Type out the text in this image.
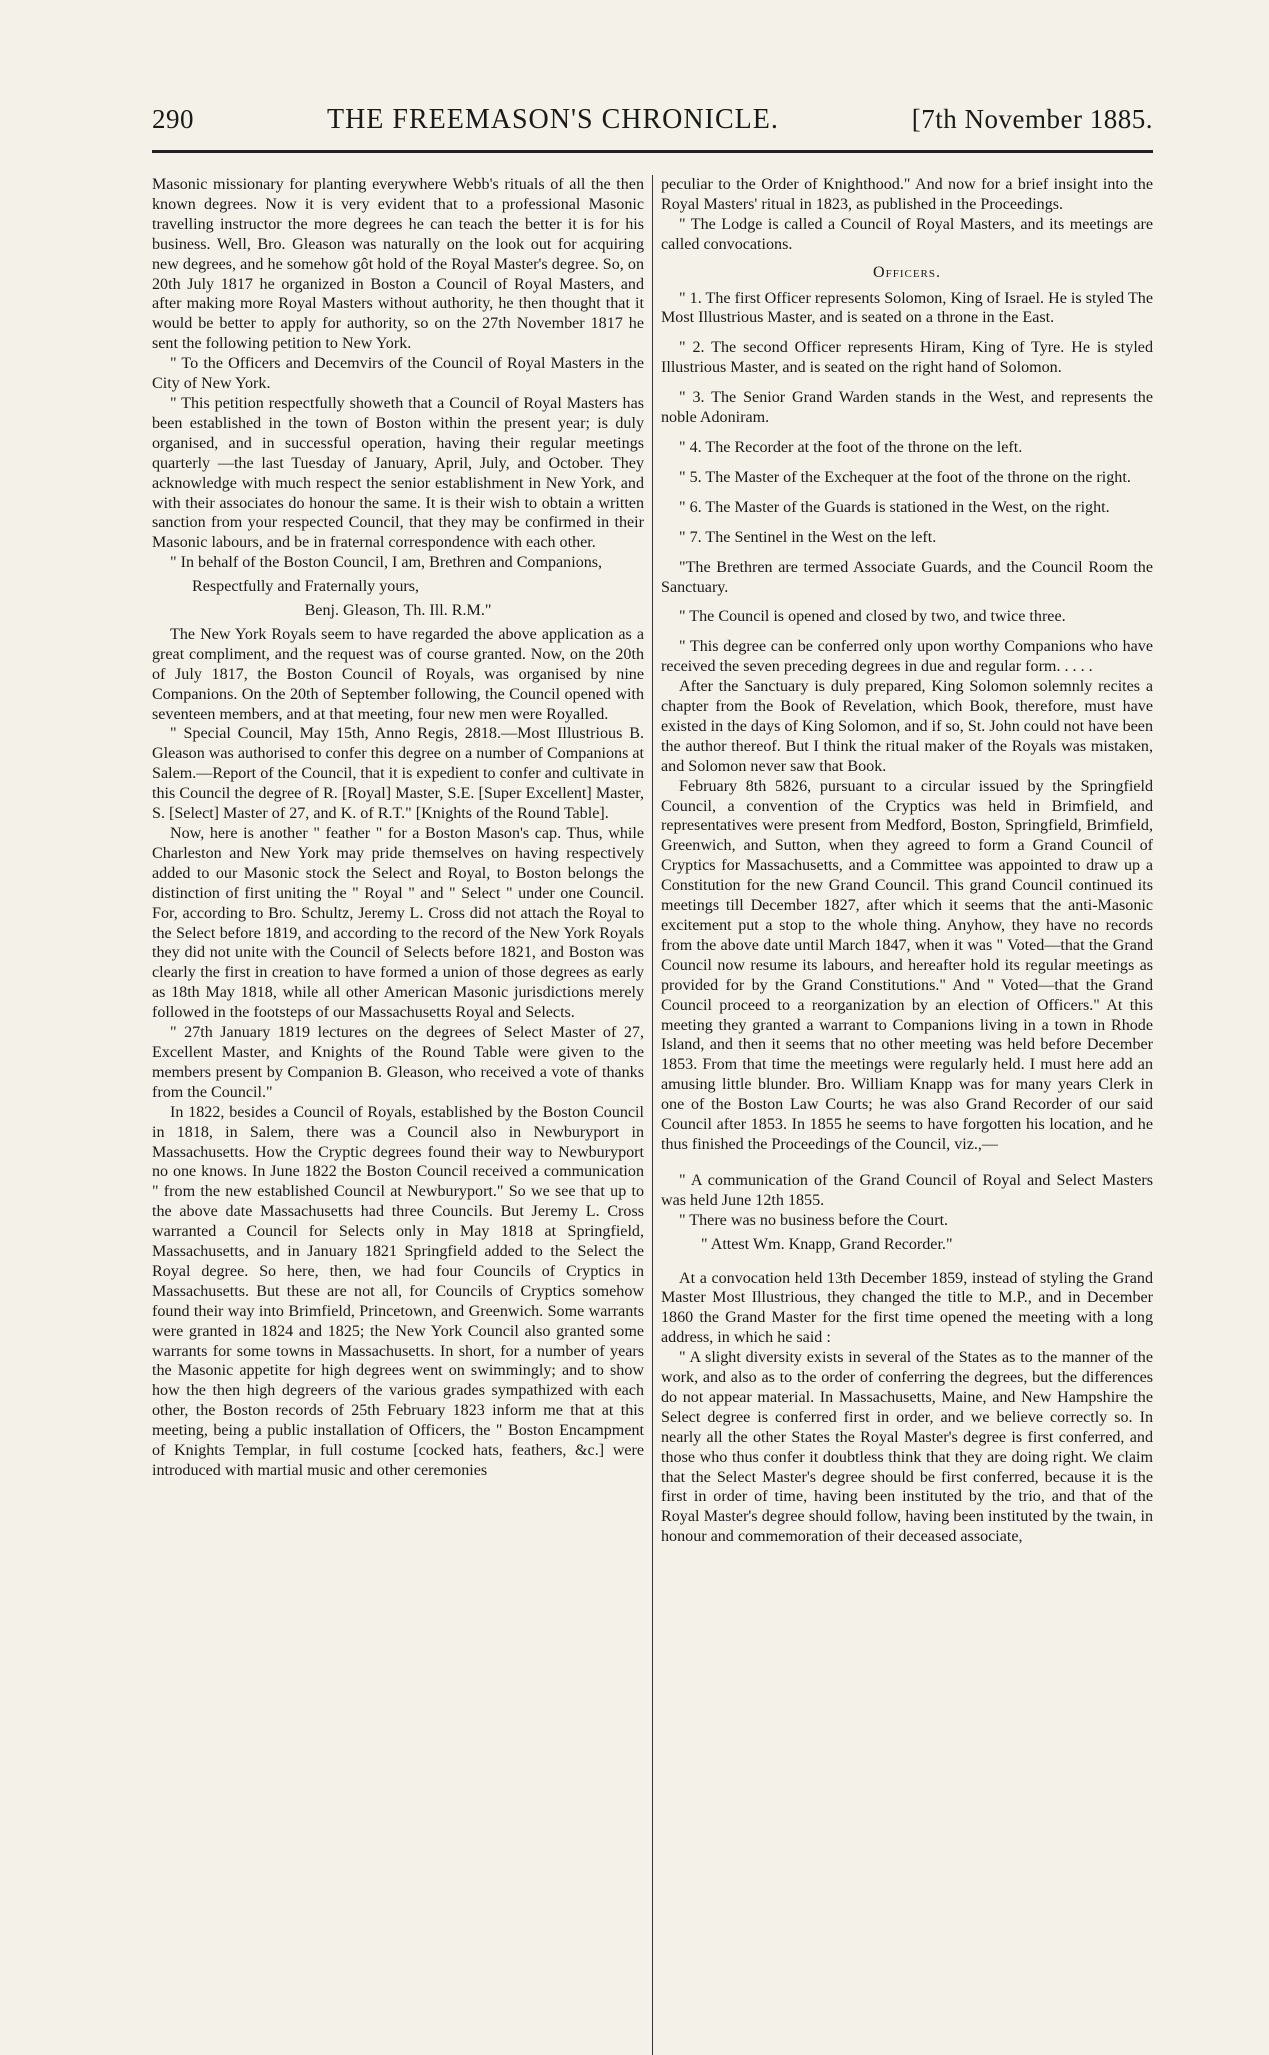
290	THE FREEMASON'S CHRONICLE.	[7th November 1885.

Masonic missionary for planting everywhere Webb's rituals of all the then known degrees. Now it is very evident that to a professional Masonic travelling instructor the more degrees he can teach the better it is for his business. Well, Bro. Gleason was naturally on the look out for acquiring new degrees, and he somehow gôt hold of the Royal Master's degree. So, on 20th July 1817 he organized in Boston a Council of Royal Masters, and after making more Royal Masters without authority, he then thought that it would be better to apply for authority, so on the 27th November 1817 he sent the following petition to New York.

" To the Officers and Decemvirs of the Council of Royal Masters in the City of New York.

" This petition respectfully showeth that a Council of Royal Masters has been established in the town of Boston within the present year; is duly organised, and in successful operation, having their regular meetings quarterly —the last Tuesday of January, April, July, and October. They acknowledge with much respect the senior establishment in New York, and with their associates do honour the same. It is their wish to obtain a written sanction from your respected Council, that they may be confirmed in their Masonic labours, and be in fraternal correspondence with each other.

" In behalf of the Boston Council, I am, Brethren and Companions,

Respectfully and Fraternally yours,

Benj. Gleason, Th. Ill. R.M."

The New York Royals seem to have regarded the above application as a great compliment, and the request was of course granted. Now, on the 20th of July 1817, the Boston Council of Royals, was organised by nine Companions. On the 20th of September following, the Council opened with seventeen members, and at that meeting, four new men were Royalled.

" Special Council, May 15th, Anno Regis, 2818.—Most Illustrious B. Gleason was authorised to confer this degree on a number of Companions at Salem.—Report of the Council, that it is expedient to confer and cultivate in this Council the degree of R. [Royal] Master, S.E. [Super Excellent] Master, S. [Select] Master of 27, and K. of R.T." [Knights of the Round Table].

Now, here is another " feather " for a Boston Mason's cap. Thus, while Charleston and New York may pride themselves on having respectively added to our Masonic stock the Select and Royal, to Boston belongs the distinction of first uniting the " Royal " and " Select " under one Council. For, according to Bro. Schultz, Jeremy L. Cross did not attach the Royal to the Select before 1819, and according to the record of the New York Royals they did not unite with the Council of Selects before 1821, and Boston was clearly the first in creation to have formed a union of those degrees as early as 18th May 1818, while all other American Masonic jurisdictions merely followed in the footsteps of our Massachusetts Royal and Selects.

" 27th January 1819 lectures on the degrees of Select Master of 27, Excellent Master, and Knights of the Round Table were given to the members present by Companion B. Gleason, who received a vote of thanks from the Council."

In 1822, besides a Council of Royals, established by the Boston Council in 1818, in Salem, there was a Council also in Newburyport in Massachusetts. How the Cryptic degrees found their way to Newburyport no one knows. In June 1822 the Boston Council received a communication " from the new established Council at Newburyport." So we see that up to the above date Massachusetts had three Councils. But Jeremy L. Cross warranted a Council for Selects only in May 1818 at Springfield, Massachusetts, and in January 1821 Springfield added to the Select the Royal degree. So here, then, we had four Councils of Cryptics in Massachusetts. But these are not all, for Councils of Cryptics somehow found their way into Brimfield, Princetown, and Greenwich. Some warrants were granted in 1824 and 1825; the New York Council also granted some warrants for some towns in Massachusetts. In short, for a number of years the Masonic appetite for high degrees went on swimmingly; and to show how the then high degreers of the various grades sympathized with each other, the Boston records of 25th February 1823 inform me that at this meeting, being a public installation of Officers, the " Boston Encampment of Knights Templar, in full costume [cocked hats, feathers, &c.] were introduced with martial music and other ceremonies

peculiar to the Order of Knighthood." And now for a brief insight into the Royal Masters' ritual in 1823, as published in the Proceedings.

" The Lodge is called a Council of Royal Masters, and its meetings are called convocations.

Officers.

" 1. The first Officer represents Solomon, King of Israel. He is styled The Most Illustrious Master, and is seated on a throne in the East.

" 2. The second Officer represents Hiram, King of Tyre. He is styled Illustrious Master, and is seated on the right hand of Solomon.

" 3. The Senior Grand Warden stands in the West, and represents the noble Adoniram.

" 4. The Recorder at the foot of the throne on the left.

" 5. The Master of the Exchequer at the foot of the throne on the right.

" 6. The Master of the Guards is stationed in the West, on the right.

" 7. The Sentinel in the West on the left.

"The Brethren are termed Associate Guards, and the Council Room the Sanctuary.

" The Council is opened and closed by two, and twice three.

" This degree can be conferred only upon worthy Companions who have received the seven preceding degrees in due and regular form. . . . .

After the Sanctuary is duly prepared, King Solomon solemnly recites a chapter from the Book of Revelation, which Book, therefore, must have existed in the days of King Solomon, and if so, St. John could not have been the author thereof. But I think the ritual maker of the Royals was mistaken, and Solomon never saw that Book.

February 8th 5826, pursuant to a circular issued by the Springfield Council, a convention of the Cryptics was held in Brimfield, and representatives were present from Medford, Boston, Springfield, Brimfield, Greenwich, and Sutton, when they agreed to form a Grand Council of Cryptics for Massachusetts, and a Committee was appointed to draw up a Constitution for the new Grand Council. This grand Council continued its meetings till December 1827, after which it seems that the anti-Masonic excitement put a stop to the whole thing. Anyhow, they have no records from the above date until March 1847, when it was " Voted—that the Grand Council now resume its labours, and hereafter hold its regular meetings as provided for by the Grand Constitutions." And " Voted—that the Grand Council proceed to a reorganization by an election of Officers." At this meeting they granted a warrant to Companions living in a town in Rhode Island, and then it seems that no other meeting was held before December 1853. From that time the meetings were regularly held. I must here add an amusing little blunder. Bro. William Knapp was for many years Clerk in one of the Boston Law Courts; he was also Grand Recorder of our said Council after 1853. In 1855 he seems to have forgotten his location, and he thus finished the Proceedings of the Council, viz.,—

" A communication of the Grand Council of Royal and Select Masters was held June 12th 1855.

" There was no business before the Court.

" Attest Wm. Knapp, Grand Recorder."

At a convocation held 13th December 1859, instead of styling the Grand Master Most Illustrious, they changed the title to M.P., and in December 1860 the Grand Master for the first time opened the meeting with a long address, in which he said :

" A slight diversity exists in several of the States as to the manner of the work, and also as to the order of conferring the degrees, but the differences do not appear material. In Massachusetts, Maine, and New Hampshire the Select degree is conferred first in order, and we believe correctly so. In nearly all the other States the Royal Master's degree is first conferred, and those who thus confer it doubtless think that they are doing right. We claim that the Select Master's degree should be first conferred, because it is the first in order of time, having been instituted by the trio, and that of the Royal Master's degree should follow, having been instituted by the twain, in honour and commemoration of their deceased associate,
